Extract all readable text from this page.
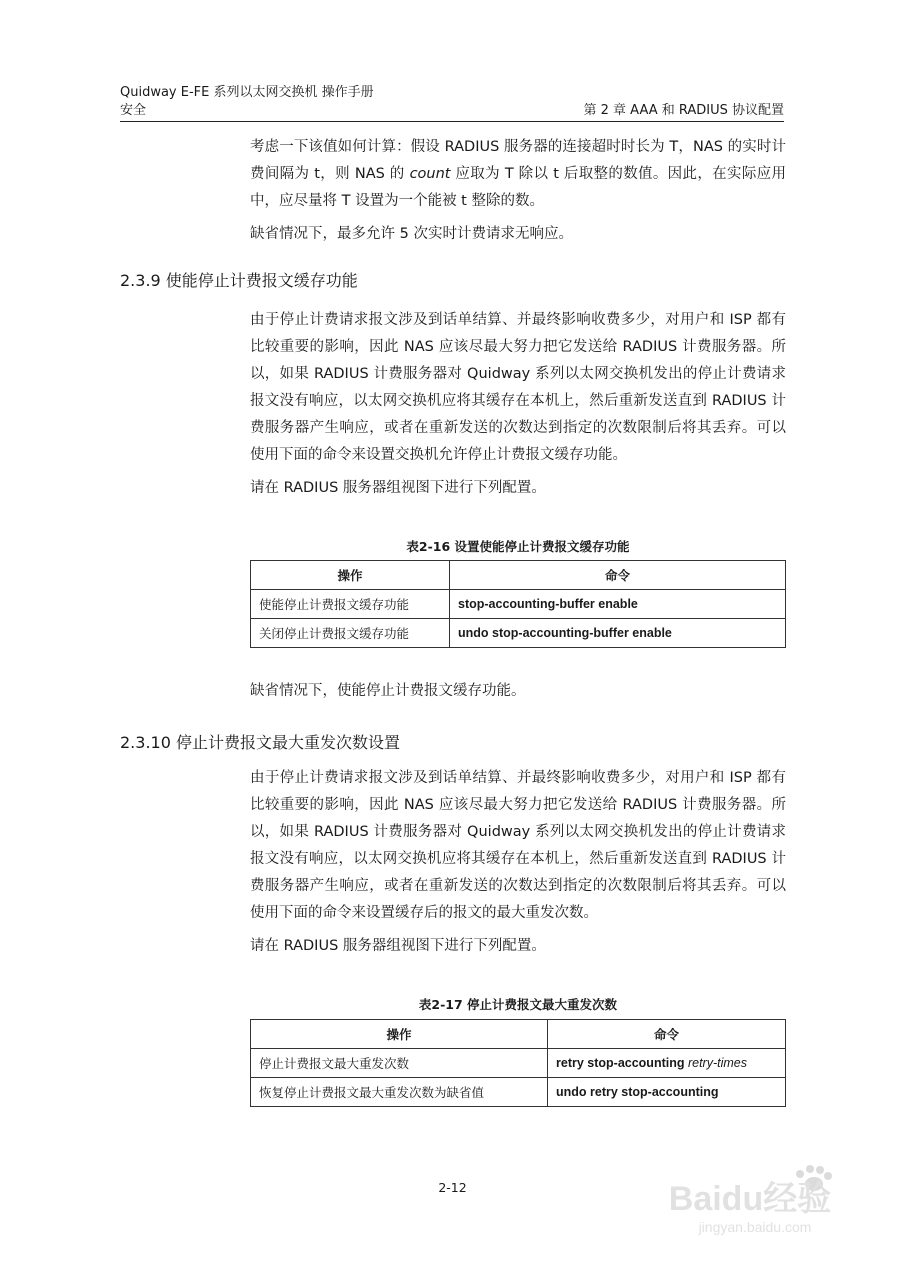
Quidway E-FE 系列以太网交换机 操作手册
安全	第 2 章 AAA 和 RADIUS 协议配置

考虑一下该值如何计算：假设 RADIUS 服务器的连接超时时长为 T，NAS 的实时计费间隔为 t，则 NAS 的 count 应取为 T 除以 t 后取整的数值。因此，在实际应用中，应尽量将 T 设置为一个能被 t 整除的数。

缺省情况下，最多允许 5 次实时计费请求无响应。

2.3.9 使能停止计费报文缓存功能

由于停止计费请求报文涉及到话单结算、并最终影响收费多少，对用户和 ISP 都有比较重要的影响，因此 NAS 应该尽最大努力把它发送给 RADIUS 计费服务器。所以，如果 RADIUS 计费服务器对 Quidway 系列以太网交换机发出的停止计费请求报文没有响应，以太网交换机应将其缓存在本机上，然后重新发送直到 RADIUS 计费服务器产生响应，或者在重新发送的次数达到指定的次数限制后将其丢弃。可以使用下面的命令来设置交换机允许停止计费报文缓存功能。

请在 RADIUS 服务器组视图下进行下列配置。

表2-16 设置使能停止计费报文缓存功能
操作	命令
使能停止计费报文缓存功能	stop-accounting-buffer enable
关闭停止计费报文缓存功能	undo stop-accounting-buffer enable
缺省情况下，使能停止计费报文缓存功能。
2.3.10 停止计费报文最大重发次数设置

由于停止计费请求报文涉及到话单结算、并最终影响收费多少，对用户和 ISP 都有比较重要的影响，因此 NAS 应该尽最大努力把它发送给 RADIUS 计费服务器。所以，如果 RADIUS 计费服务器对 Quidway 系列以太网交换机发出的停止计费请求报文没有响应，以太网交换机应将其缓存在本机上，然后重新发送直到 RADIUS 计费服务器产生响应，或者在重新发送的次数达到指定的次数限制后将其丢弃。可以使用下面的命令来设置缓存后的报文的最大重发次数。

请在 RADIUS 服务器组视图下进行下列配置。

表2-17 停止计费报文最大重发次数
操作	命令
停止计费报文最大重发次数	retry stop-accounting retry-times
恢复停止计费报文最大重发次数为缺省值	undo retry stop-accounting
2-12	Baidu经验
jingyan.baidu.com
